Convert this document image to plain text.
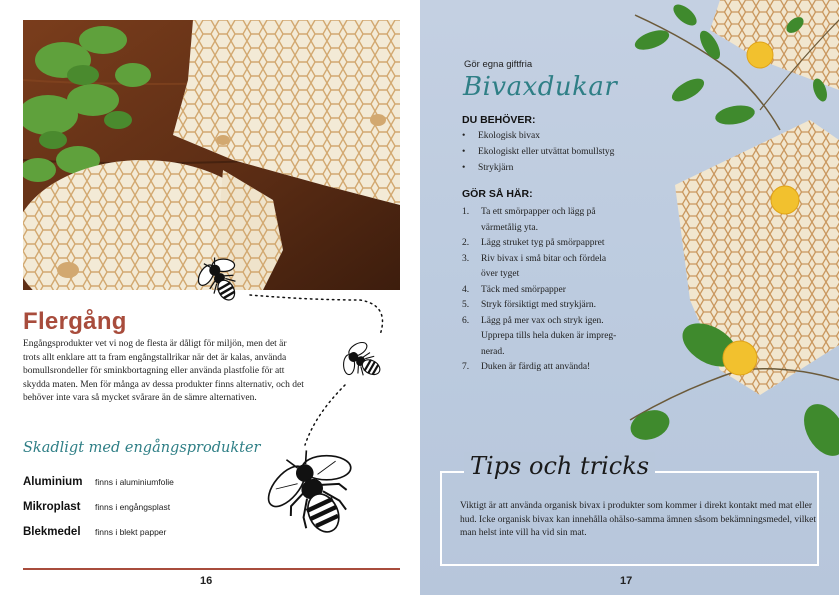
Flergång

Engångsprodukter vet vi nog de flesta är dåligt för miljön, men det är trots allt enklare att ta fram engångstallrikar när det är kalas, använda bomullsrondeller för sminkbortagning eller använda plastfolie för att skydda maten. Men för många av dessa produkter finns alternativ, och det behöver inte vara så mycket svårare än de sämre alternativen.

Skadligt med engångsprodukter
Aluminium	finns i aluminiumfolie
Mikroplast	finns i engångsplast
Blekmedel	finns i blekt papper
16
Gör egna giftfria
Bivaxdukar
DU BEHÖVER:
•	Ekologisk bivax
•	Ekologiskt eller utvättat bomullstyg
•	Strykjärn
GÖR SÅ HÄR:
1.	Ta ett smörpapper och lägg på
värmetålig yta.
2.	Lägg struket tyg på smörpappret
3.	Riv bivax i små bitar och fördela
över tyget
4.	Täck med smörpapper
5.	Stryk försiktigt med strykjärn.
6.	Lägg på mer vax och stryk igen.
Upprepa tills hela duken är impreg-
nerad.
7.	Duken är färdig att använda!
Tips och tricks

Viktigt är att använda organisk bivax i produkter som kommer i direkt kontakt med mat eller hud. Icke organisk bivax kan innehålla ohälso-samma ämnen såsom bekämningsmedel, vilket man helst inte vill ha vid sin mat.

17
